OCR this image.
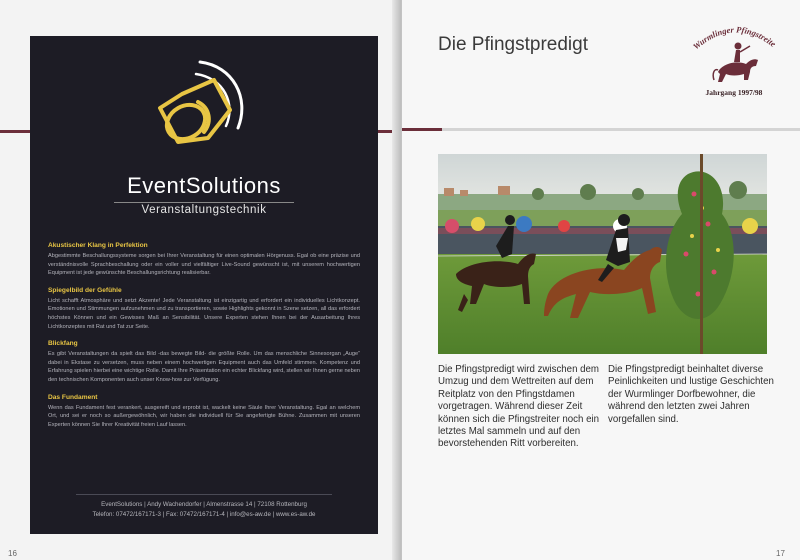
EventSolutions
Veranstaltungstechnik
Akustischer Klang in Perfektion
Abgestimmte Beschallungssysteme sorgen bei Ihrer Veranstaltung für einen optimalen Hörgenuss. Egal ob eine präzise und verständnisvolle Sprachbeschallung oder ein voller und vielfältiger Live-Sound gewünscht ist, mit unserem hochwertigen Equipment ist jede gewünschte Beschallungsrichtung realisierbar.
Spiegelbild der Gefühle
Licht schafft Atmosphäre und setzt Akzente! Jede Veranstaltung ist einzigartig und erfordert ein individuelles Lichtkonzept. Emotionen und Stimmungen aufzunehmen und zu transportieren, sowie Highlights gekonnt in Szene setzen, all das erfordert höchstes Können und ein Gewisses Maß an Sensibilität. Unsere Experten stehen Ihnen bei der Ausarbeitung Ihres Lichtkonzeptes mit Rat und Tat zur Seite.
Blickfang
Es gibt Veranstaltungen da spielt das Bild -das bewegte Bild- die größte Rolle. Um das menschliche Sinnesorgan „Auge“ dabei in Ekstase zu versetzen, muss neben einem hochwertigen Equipment auch das Umfeld stimmen. Kompetenz und Erfahrung spielen hierbei eine wichtige Rolle. Damit Ihre Präsentation ein echter Blickfang wird, stellen wir Ihnen gerne neben den technischen Komponenten auch unser Know-how zur Verfügung.
Das Fundament
Wenn das Fundament fest verankert, ausgereift und erprobt ist, wackelt keine Säule Ihrer Veranstaltung. Egal an welchem Ort, und sei er noch so außergewöhnlich, wir haben die individuell für Sie angefertigte Bühne. Zusammen mit unseren Experten können Sie Ihrer Kreativität freien Lauf lassen.
EventSolutions | Andy Wachendorfer | Almenstrasse 14 | 72108 Rottenburg
Telefon: 07472/167171-3 | Fax: 07472/167171-4 | info@es-aw.de | www.es-aw.de
16
Die Pfingstpredigt	Wurmlinger Pfingstreite
Jahrgang 1997/98
Die Pfingstpredigt wird zwischen dem Umzug und dem Wettreiten auf dem Reitplatz von den Pfingstdamen vorgetragen. Während dieser Zeit können sich die Pfingstreiter noch ein letztes Mal sammeln und auf den bevorstehenden Ritt vorbereiten.
Die Pfingstpredigt beinhaltet diverse Peinlichkeiten und lustige Geschichten der Wurmlinger Dorfbewohner, die während den letzten zwei Jahren vorgefallen sind.
17
